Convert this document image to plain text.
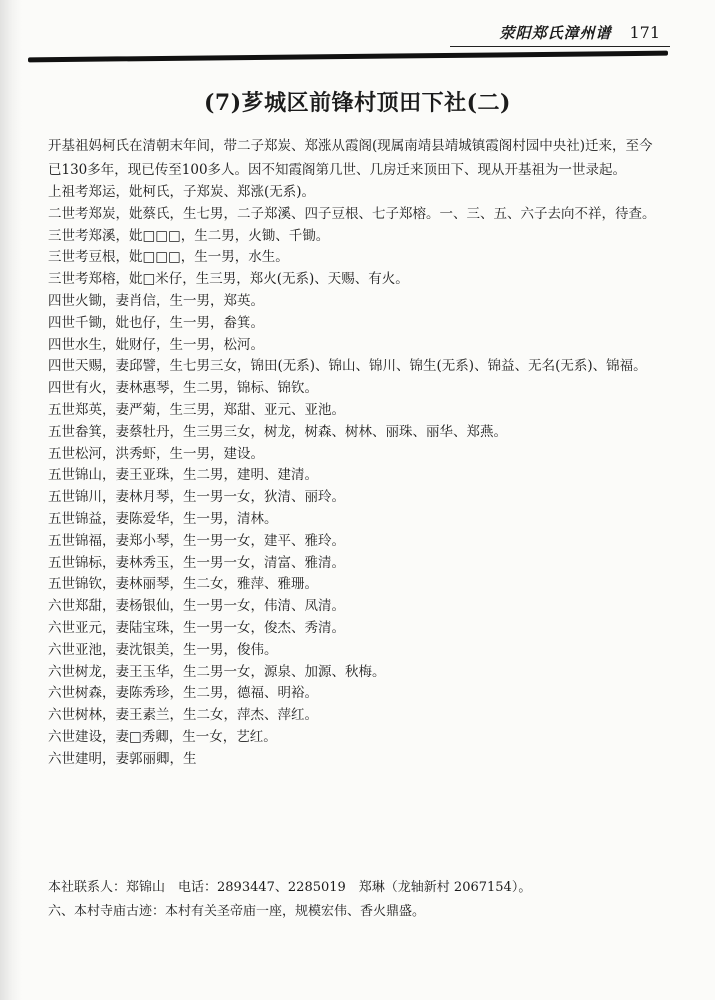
荥阳郑氏漳州谱 171
(7)芗城区前锋村顶田下社(二)

开基祖妈柯氏在清朝末年间，带二子郑炭、郑涨从霞阁(现属南靖县靖城镇霞阁村园中央社)迁来，至今已130多年，现已传至100多人。因不知霞阁第几世、几房迁来顶田下、现从开基祖为一世录起。

上祖考郑运，妣柯氏，子郑炭、郑涨(无系)。
二世考郑炭，妣蔡氏，生七男，二子郑溪、四子豆根、七子郑榕。一、三、五、六子去向不祥，待查。
三世考郑溪，妣□□□，生二男，火锄、千锄。
三世考豆根，妣□□□，生一男，水生。
三世考郑榕，妣□米仔，生三男，郑火(无系)、天赐、有火。
四世火锄，妻肖信，生一男，郑英。
四世千锄，妣也仔，生一男，畚箕。
四世水生，妣财仔，生一男，松河。
四世天赐，妻邱譬，生七男三女，锦田(无系)、锦山、锦川、锦生(无系)、锦益、无名(无系)、锦福。
四世有火，妻林惠琴，生二男，锦标、锦钦。
五世郑英，妻严菊，生三男，郑甜、亚元、亚池。
五世畚箕，妻蔡牡丹，生三男三女，树龙，树森、树林、丽珠、丽华、郑燕。
五世松河，洪秀虾，生一男，建设。
五世锦山，妻王亚珠，生二男，建明、建清。
五世锦川，妻林月琴，生一男一女，狄清、丽玲。
五世锦益，妻陈爱华，生一男，清林。
五世锦福，妻郑小琴，生一男一女，建平、雅玲。
五世锦标，妻林秀玉，生一男一女，清富、雅清。
五世锦钦，妻林丽琴，生二女，雅萍、雅珊。
六世郑甜，妻杨银仙，生一男一女，伟清、凤清。
六世亚元，妻陆宝珠，生一男一女，俊杰、秀清。
六世亚池，妻沈银美，生一男，俊伟。
六世树龙，妻王玉华，生二男一女，源泉、加源、秋梅。
六世树森，妻陈秀珍，生二男，德福、明裕。
六世树林，妻王素兰，生二女，萍杰、萍红。
六世建设，妻□秀卿，生一女，艺红。
六世建明，妻郭丽卿，生
本社联系人：郑锦山　电话：2893447、2285019　郑琳（龙轴新村 2067154）。
六、本村寺庙古迹：本村有关圣帝庙一座，规模宏伟、香火鼎盛。
